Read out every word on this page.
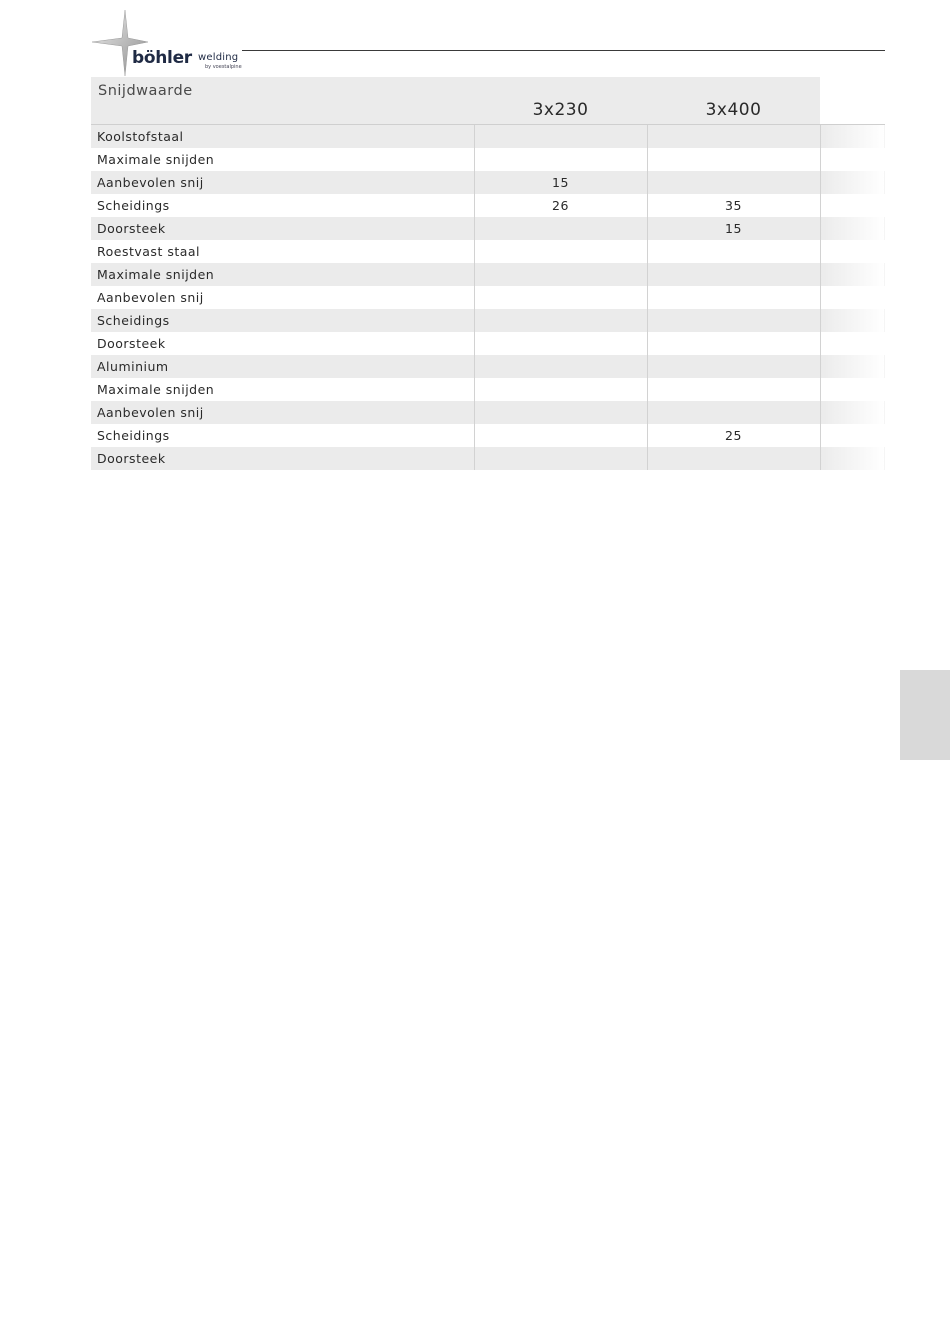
böhler welding
by voestalpine
Snijdwaarde	3x230	3x400	

Koolstofstaal			
Maximale snijden			
Aanbevolen snij	15		
Scheidings	26	35	
Doorsteek		15	
Roestvast staal			
Maximale snijden			
Aanbevolen snij			
Scheidings			
Doorsteek			
Aluminium			
Maximale snijden			
Aanbevolen snij			
Scheidings		25	
Doorsteek			
